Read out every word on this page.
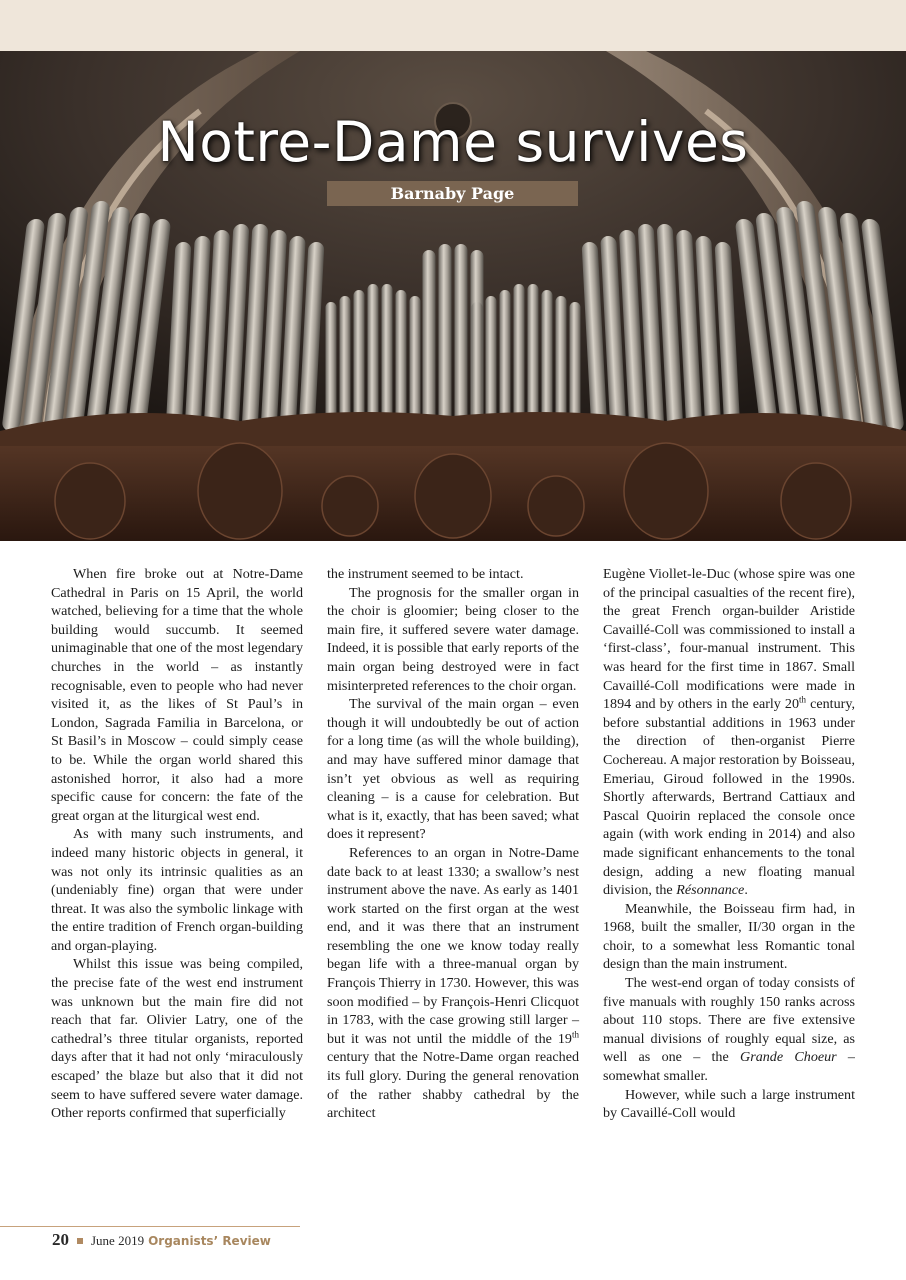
Notre-Dame survives
Barnaby Page

When fire broke out at Notre-Dame Cathedral in Paris on 15 April, the world watched, believing for a time that the whole building would succumb. It seemed unimaginable that one of the most legendary churches in the world – as instantly recognisable, even to people who had never visited it, as the likes of St Paul’s in London, Sagrada Familia in Barcelona, or St Basil’s in Moscow – could simply cease to be. While the organ world shared this astonished horror, it also had a more specific cause for concern: the fate of the great organ at the liturgical west end.

As with many such instruments, and indeed many historic objects in general, it was not only its intrinsic qualities as an (undeniably fine) organ that were under threat. It was also the symbolic linkage with the entire tradition of French organ-building and organ-playing.

Whilst this issue was being compiled, the precise fate of the west end instrument was unknown but the main fire did not reach that far. Olivier Latry, one of the cathedral’s three titular organists, reported days after that it had not only ‘miraculously escaped’ the blaze but also that it did not seem to have suffered severe water damage. Other reports confirmed that superficially

the instrument seemed to be intact.

The prognosis for the smaller organ in the choir is gloomier; being closer to the main fire, it suffered severe water damage. Indeed, it is possible that early reports of the main organ being destroyed were in fact misinterpreted references to the choir organ.

The survival of the main organ – even though it will undoubtedly be out of action for a long time (as will the whole building), and may have suffered minor damage that isn’t yet obvious as well as requiring cleaning – is a cause for celebration. But what is it, exactly, that has been saved; what does it represent?

References to an organ in Notre-Dame date back to at least 1330; a swallow’s nest instrument above the nave. As early as 1401 work started on the first organ at the west end, and it was there that an instrument resembling the one we know today really began life with a three-manual organ by François Thierry in 1730. However, this was soon modified – by François-Henri Clicquot in 1783, with the case growing still larger – but it was not until the middle of the 19th century that the Notre-Dame organ reached its full glory. During the general renovation of the rather shabby cathedral by the architect

Eugène Viollet-le-Duc (whose spire was one of the principal casualties of the recent fire), the great French organ-builder Aristide Cavaillé-Coll was commissioned to install a ‘first-class’, four-manual instrument. This was heard for the first time in 1867. Small Cavaillé-Coll modifications were made in 1894 and by others in the early 20th century, before substantial additions in 1963 under the direction of then-organist Pierre Cochereau. A major restoration by Boisseau, Emeriau, Giroud followed in the 1990s. Shortly afterwards, Bertrand Cattiaux and Pascal Quoirin replaced the console once again (with work ending in 2014) and also made significant enhancements to the tonal design, adding a new floating manual division, the Résonnance.

Meanwhile, the Boisseau firm had, in 1968, built the smaller, II/30 organ in the choir, to a somewhat less Romantic tonal design than the main instrument.

The west-end organ of today consists of five manuals with roughly 150 ranks across about 110 stops. There are five extensive manual divisions of roughly equal size, as well as one – the Grande Choeur – somewhat smaller.

However, while such a large instrument by Cavaillé-Coll would

20 June 2019 Organists’ Review
